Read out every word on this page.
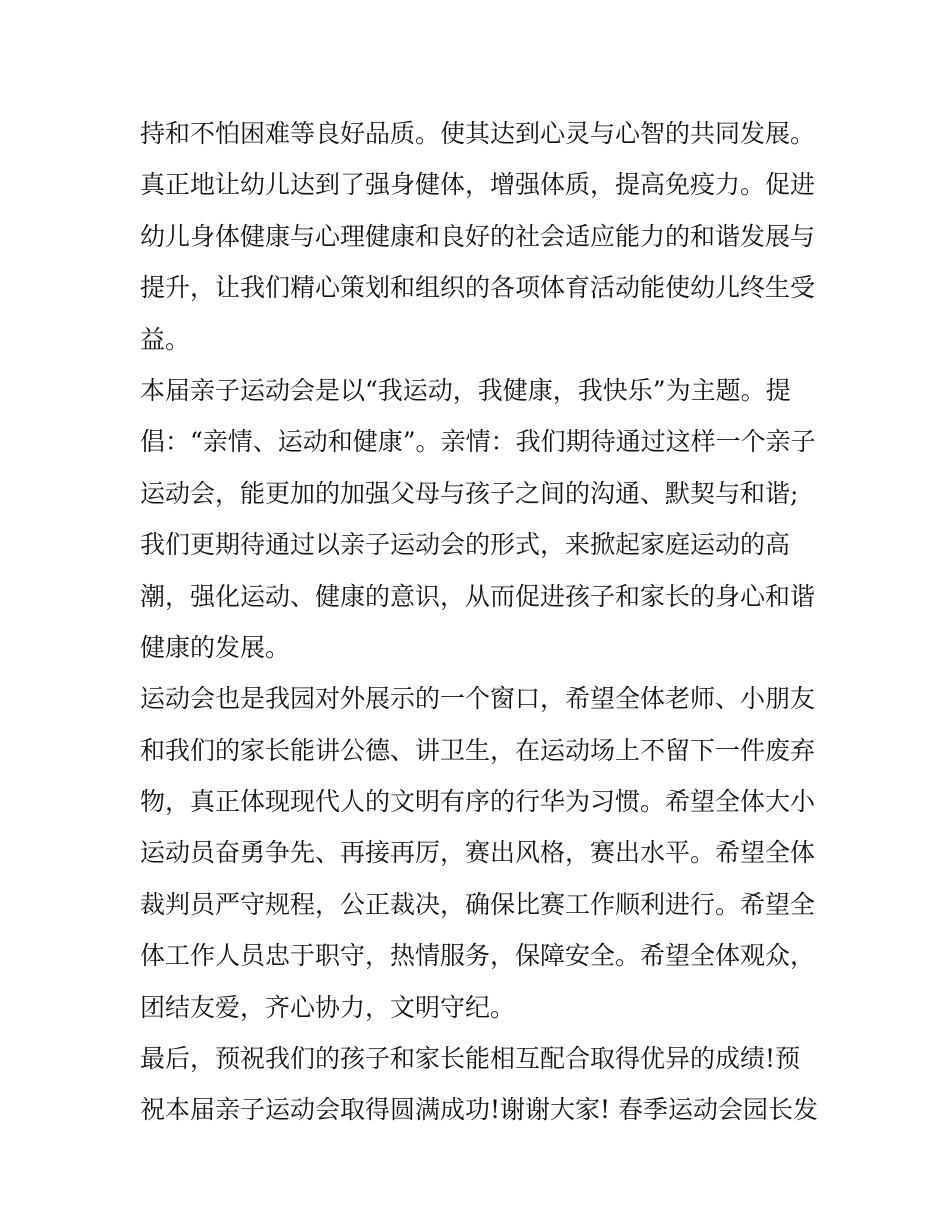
持和不怕困难等良好品质。使其达到心灵与心智的共同发展。
真正地让幼儿达到了强身健体，增强体质，提高免疫力。促进
幼儿身体健康与心理健康和良好的社会适应能力的和谐发展与
提升，让我们精心策划和组织的各项体育活动能使幼儿终生受
益。
本届亲子运动会是以“我运动，我健康，我快乐”为主题。提
倡：“亲情、运动和健康”。亲情：我们期待通过这样一个亲子
运动会，能更加的加强父母与孩子之间的沟通、默契与和谐;
我们更期待通过以亲子运动会的形式，来掀起家庭运动的高
潮，强化运动、健康的意识，从而促进孩子和家长的身心和谐
健康的发展。
运动会也是我园对外展示的一个窗口，希望全体老师、小朋友
和我们的家长能讲公德、讲卫生，在运动场上不留下一件废弃
物，真正体现现代人的文明有序的行华为习惯。希望全体大小
运动员奋勇争先、再接再厉，赛出风格，赛出水平。希望全体
裁判员严守规程，公正裁决，确保比赛工作顺利进行。希望全
体工作人员忠于职守，热情服务，保障安全。希望全体观众，
团结友爱，齐心协力，文明守纪。
最后，预祝我们的孩子和家长能相互配合取得优异的成绩!预
祝本届亲子运动会取得圆满成功!谢谢大家! 春季运动会园长发
